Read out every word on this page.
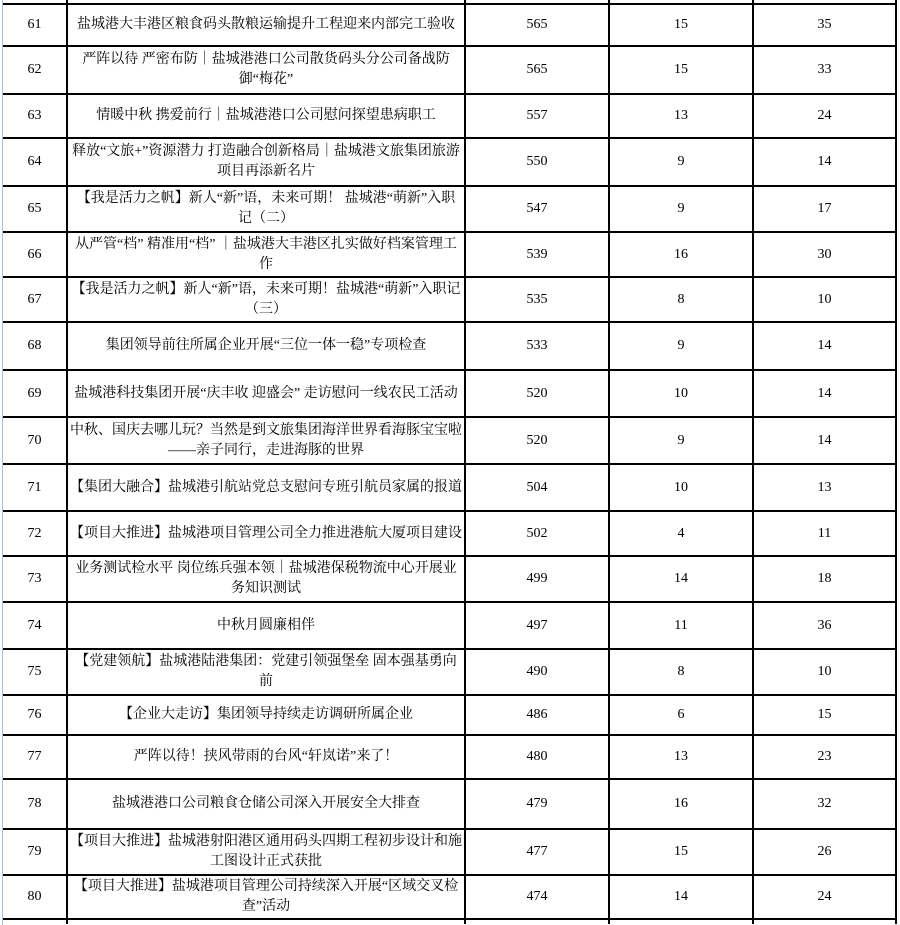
61	盐城港大丰港区粮食码头散粮运输提升工程迎来内部完工验收	565	15	35
62	严阵以待 严密布防｜盐城港港口公司散货码头分公司备战防御“梅花”	565	15	33
63	情暖中秋 携爱前行｜盐城港港口公司慰问探望患病职工	557	13	24
64	释放“文旅+”资源潜力 打造融合创新格局｜盐城港文旅集团旅游项目再添新名片	550	9	14
65	【我是活力之帆】新人“新”语，未来可期！ 盐城港“萌新”入职记（二）	547	9	17
66	从严管“档” 精准用“档” ｜盐城港大丰港区扎实做好档案管理工作	539	16	30
67	【我是活力之帆】新人“新”语，未来可期！盐城港“萌新”入职记（三）	535	8	10
68	集团领导前往所属企业开展“三位一体一稳”专项检查	533	9	14
69	盐城港科技集团开展“庆丰收 迎盛会” 走访慰问一线农民工活动	520	10	14
70	中秋、国庆去哪儿玩？当然是到文旅集团海洋世界看海豚宝宝啦——亲子同行，走进海豚的世界	520	9	14
71	【集团大融合】盐城港引航站党总支慰问专班引航员家属的报道	504	10	13
72	【项目大推进】盐城港项目管理公司全力推进港航大厦项目建设	502	4	11
73	业务测试检水平 岗位练兵强本领｜盐城港保税物流中心开展业务知识测试	499	14	18
74	中秋月圆廉相伴	497	11	36
75	【党建领航】盐城港陆港集团：党建引领强堡垒 固本强基勇向前	490	8	10
76	【企业大走访】集团领导持续走访调研所属企业	486	6	15
77	严阵以待！挟风带雨的台风“轩岚诺”来了！	480	13	23
78	盐城港港口公司粮食仓储公司深入开展安全大排查	479	16	32
79	【项目大推进】盐城港射阳港区通用码头四期工程初步设计和施工图设计正式获批	477	15	26
80	【项目大推进】盐城港项目管理公司持续深入开展“区域交叉检查”活动	474	14	24
